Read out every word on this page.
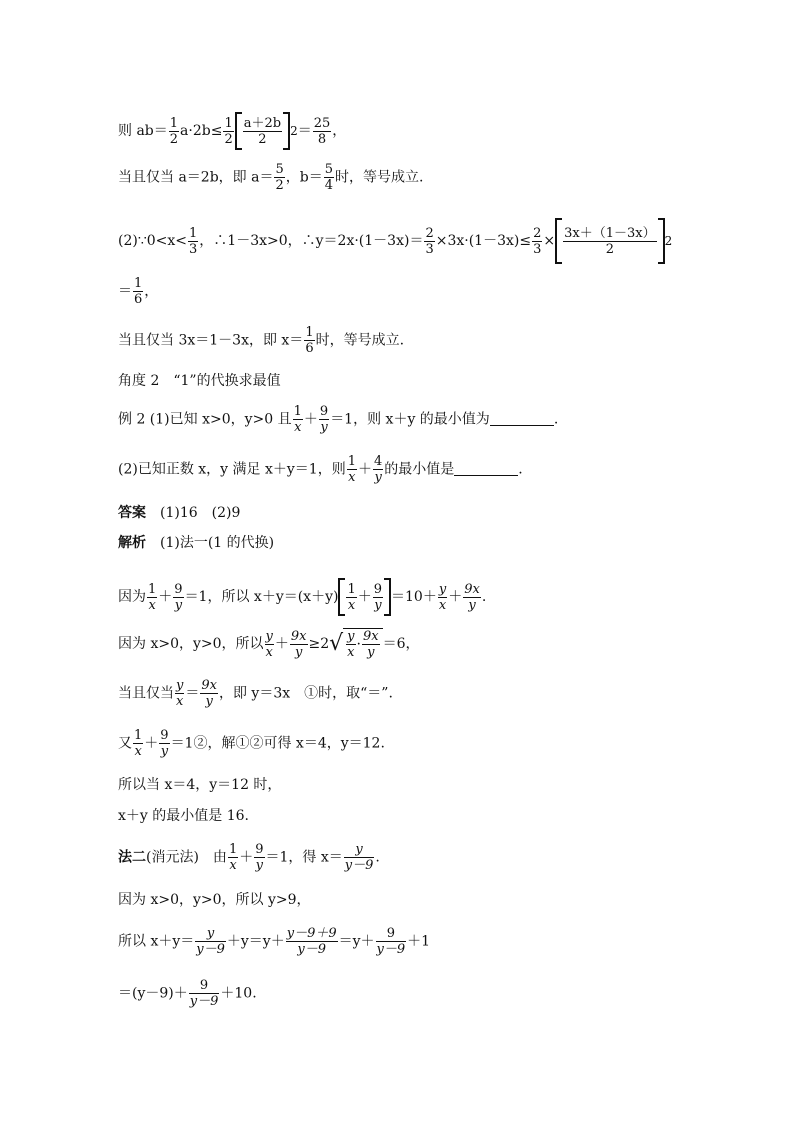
则 $ab= \frac{1}{2} a\cdot 2b\le \frac{1}{2} \frac{a+2b}{2} 2= \frac{25}{8}$ ，
当且仅当 a＝2b，即 $a= \frac{5}{2}$ ，$b= \frac{5}{4}$ 时，等号成立.
(2)∵0<x< $\frac{1}{3}$ ，∴1－3x>0，∴y＝2x·(1－3x)＝ $\frac{2}{3} \times 3x\cdot(1-3x)\le \frac{2}{3} \times \frac{3x+(1-3x)}{2} 2$
＝ $\frac{1}{6}$ ，
当且仅当 3x＝1－3x，即 $x= \frac{1}{6}$ 时，等号成立.
角度 2　“1”的代换求最值
例 2 (1)已知 x>0，y>0 且 $\frac{1}{x} + \frac{9}{y} =1$，则 x＋y 的最小值为	.
(2)已知正数 x，y 满足 x＋y＝1，则 $\frac{1}{x} + \frac{4}{y}$ 的最小值是	.
答案　 (1)16　(2)9
解析　 (1)法一(1 的代换)
因为 $\frac{1}{x} + \frac{9}{y} =1$，所以 $x+y=(x+y) \frac{1}{x} + \frac{9}{y} =10+ \frac{y}{x} + \frac{9x}{y}$ .
因为 x>0，y>0，所以 $\frac{y}{x} + \frac{9x}{y} \ge 2√ \frac{y}{x} \cdot \frac{9x}{y} =6$，
当且仅当 $\frac{y}{x} = \frac{9x}{y}$ ，即 y＝3x　①时，取“＝”.
又 $\frac{1}{x} + \frac{9}{y}$ ＝1②，解①②可得 x＝4，y＝12.
所以当 x＝4，y＝12 时，
x＋y 的最小值是 16.
法二(消元法)　由 $\frac{1}{x} + \frac{9}{y} =1$，得 $x= \frac{y}{y-9}$ .
因为 x>0，y>0，所以 y>9，
所以 $x+y= \frac{y}{y-9} +y=y+ \frac{y-9+9}{y-9} =y+ \frac{9}{y-9} +1$
$=(y-9)+ \frac{9}{y-9} +10$.
